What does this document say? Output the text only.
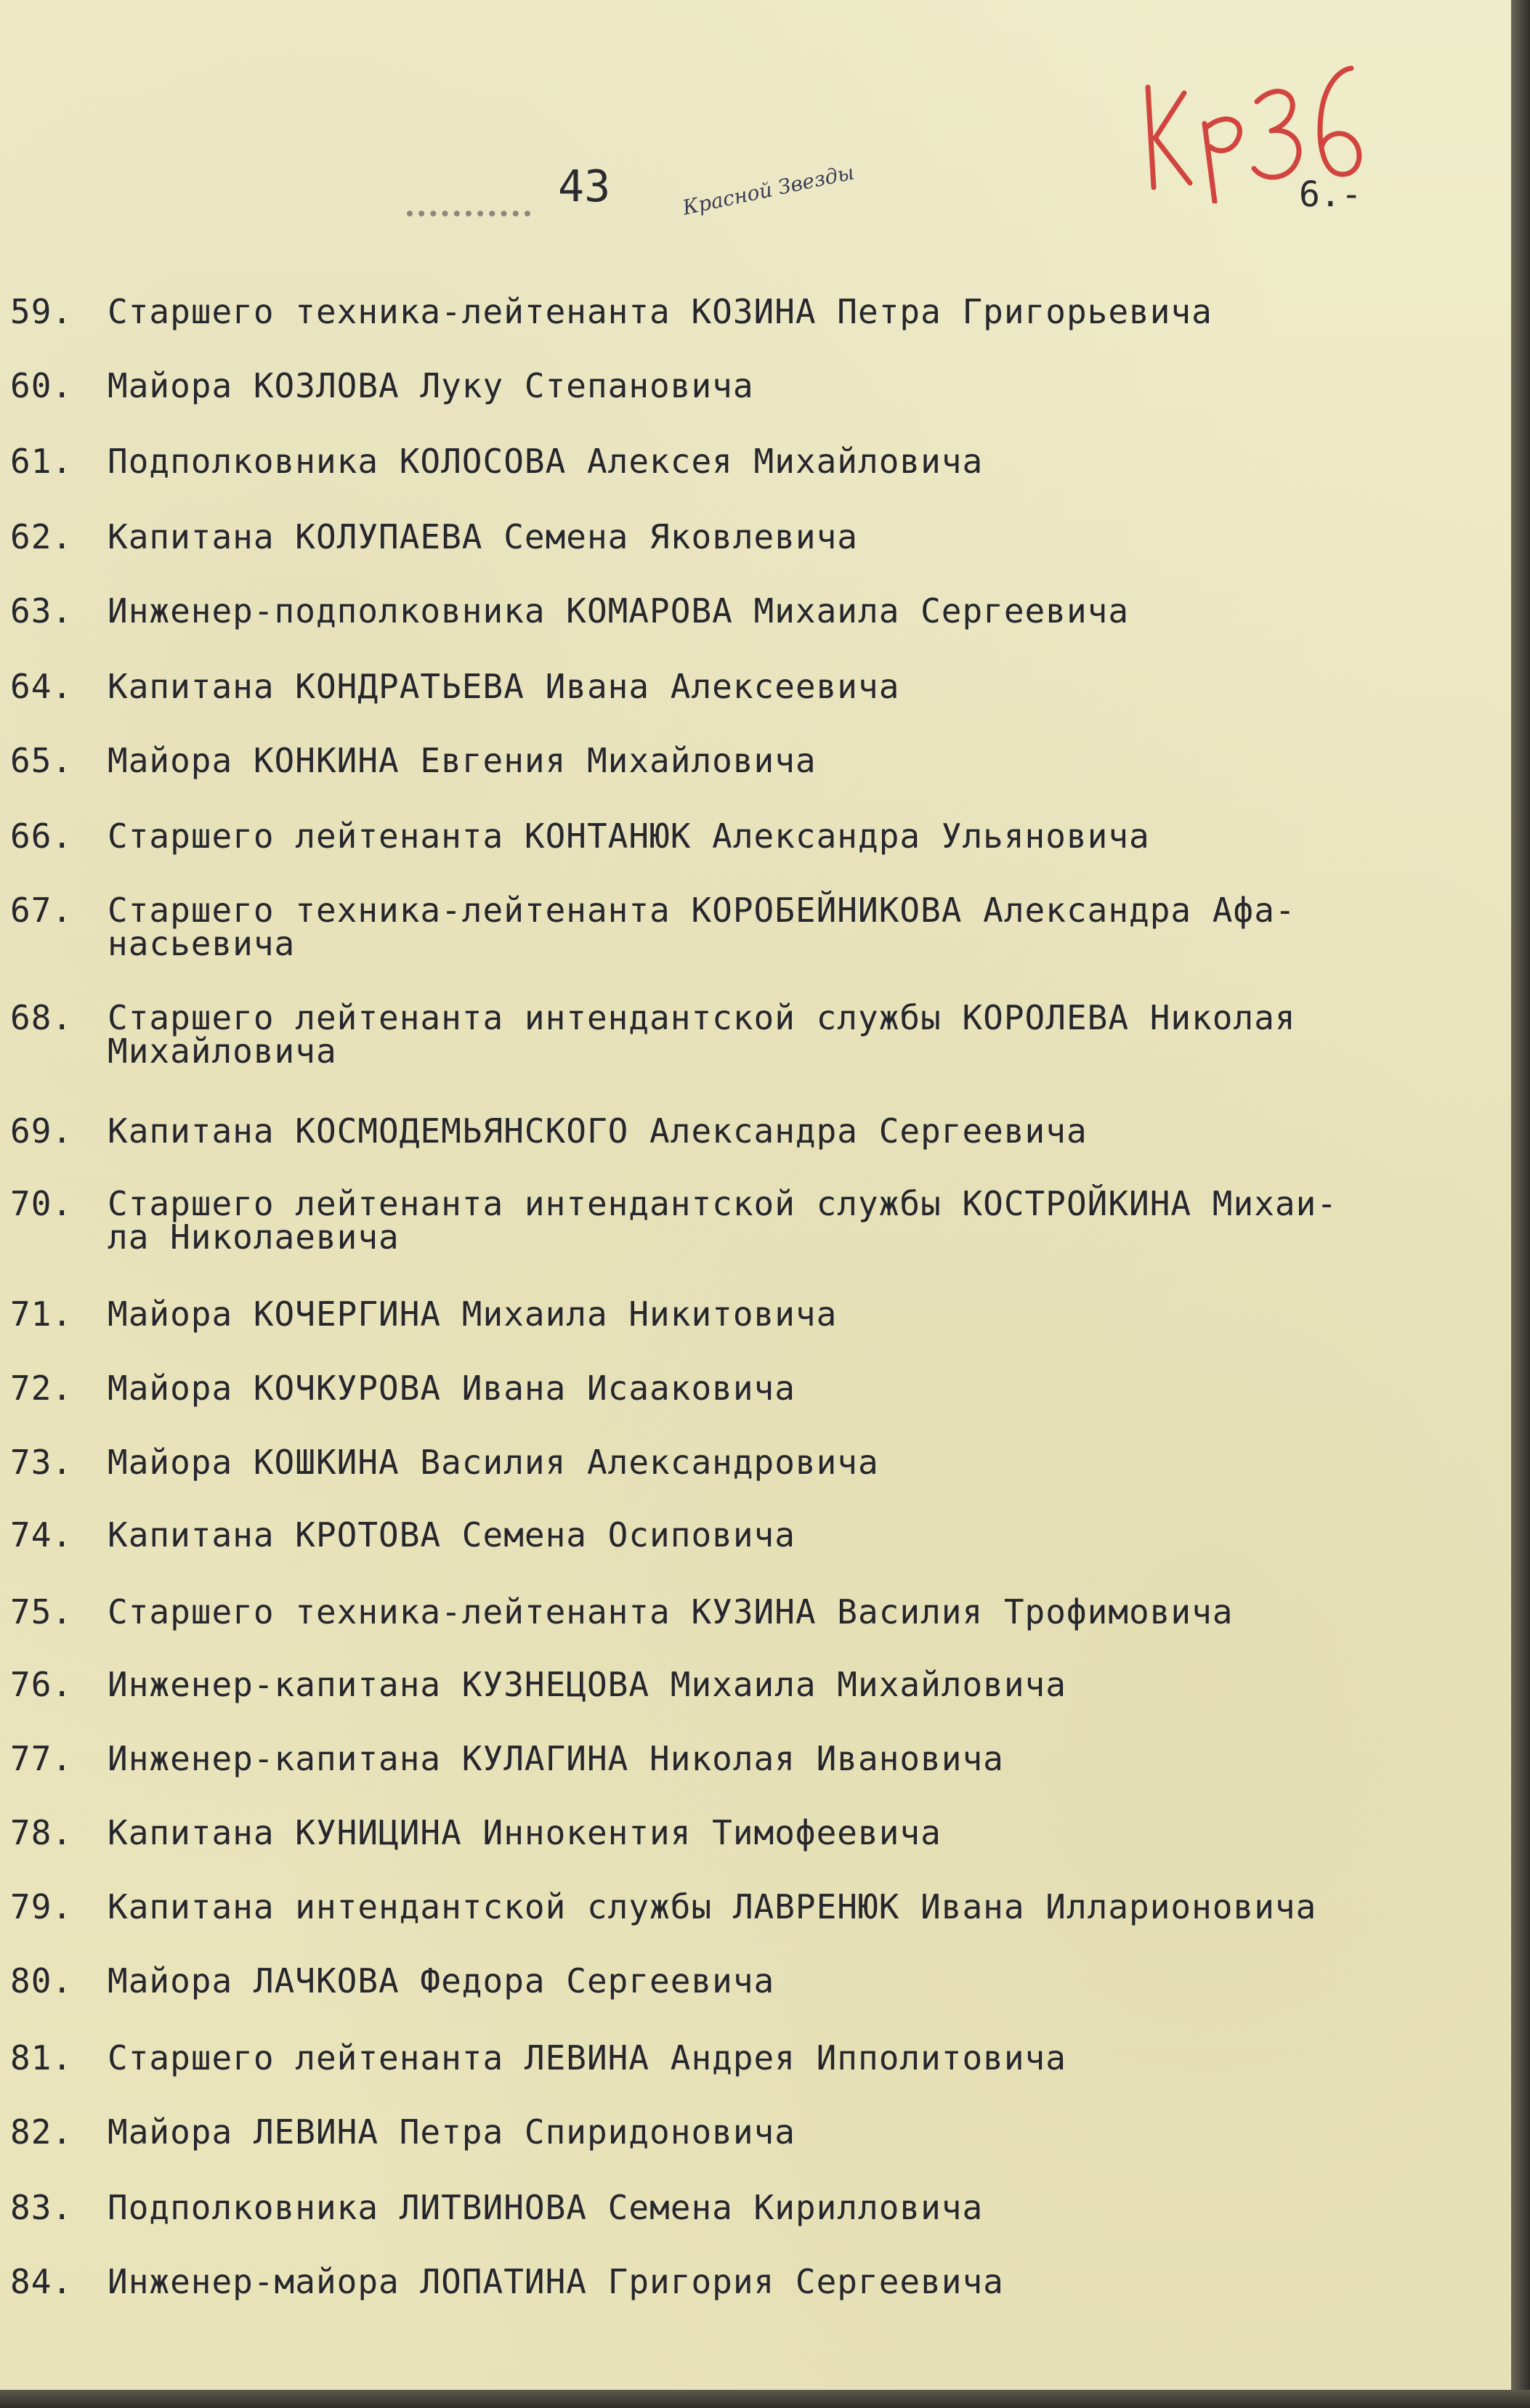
43	Красной Звезды	6.-
59. Старшего техника-лейтенанта КОЗИНА Петра Григорьевича
60. Майора КОЗЛОВА Луку Степановича
61. Подполковника КОЛОСОВА Алексея Михайловича
62. Капитана КОЛУПАЕВА Семена Яковлевича
63. Инженер-подполковника КОМАРОВА Михаила Сергеевича
64. Капитана КОНДРАТЬЕВА Ивана Алексеевича
65. Майора КОНКИНА Евгения Михайловича
66. Старшего лейтенанта КОНТАНЮК Александра Ульяновича
67. Старшего техника-лейтенанта КОРОБЕЙНИКОВА Александра Афа-
насьевича
68. Старшего лейтенанта интендантской службы КОРОЛЕВА Николая
Михайловича
69. Капитана КОСМОДЕМЬЯНСКОГО Александра Сергеевича
70. Старшего лейтенанта интендантской службы КОСТРОЙКИНА Михаи-
ла Николаевича
71. Майора КОЧЕРГИНА Михаила Никитовича
72. Майора КОЧКУРОВА Ивана Исааковича
73. Майора КОШКИНА Василия Александровича
74. Капитана КРОТОВА Семена Осиповича
75. Старшего техника-лейтенанта КУЗИНА Василия Трофимовича
76. Инженер-капитана КУЗНЕЦОВА Михаила Михайловича
77. Инженер-капитана КУЛАГИНА Николая Ивановича
78. Капитана КУНИЦИНА Иннокентия Тимофеевича
79. Капитана интендантской службы ЛАВРЕНЮК Ивана Илларионовича
80. Майора ЛАЧКОВА Федора Сергеевича
81. Старшего лейтенанта ЛЕВИНА Андрея Ипполитовича
82. Майора ЛЕВИНА Петра Спиридоновича
83. Подполковника ЛИТВИНОВА Семена Кирилловича
84. Инженер-майора ЛОПАТИНА Григория Сергеевича
